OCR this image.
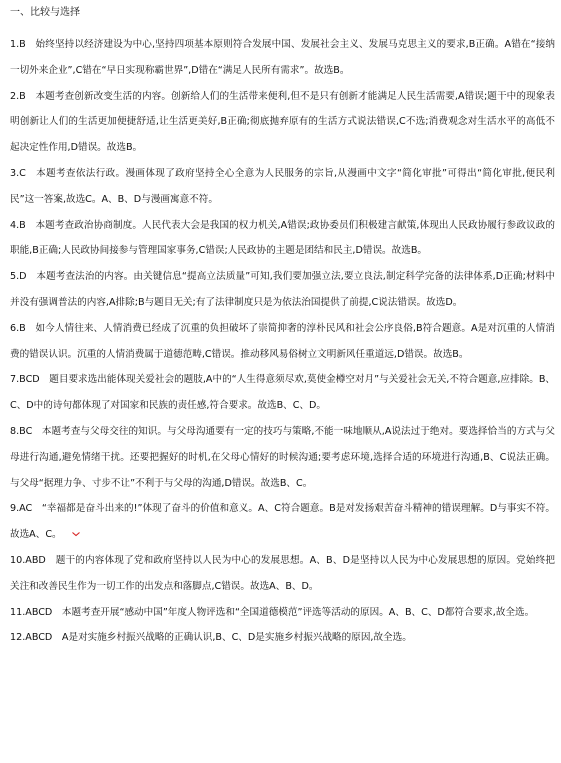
一、比较与选择
1.B　始终坚持以经济建设为中心,坚持四项基本原则符合发展中国、发展社会主义、发展马克思主义的要求,B正确。A错在“接纳一切外来企业”,C错在“早日实现称霸世界”,D错在“满足人民所有需求”。故选B。
2.B　本题考查创新改变生活的内容。创新给人们的生活带来便利,但不是只有创新才能满足人民生活需要,A错误;题干中的现象表明创新让人们的生活更加便捷舒适,让生活更美好,B正确;彻底抛弃原有的生活方式说法错误,C不选;消费观念对生活水平的高低不起决定性作用,D错误。故选B。
3.C　本题考查依法行政。漫画体现了政府坚持全心全意为人民服务的宗旨,从漫画中文字“简化审批”可得出“简化审批,便民利民”这一答案,故选C。A、B、D与漫画寓意不符。
4.B　本题考查政治协商制度。人民代表大会是我国的权力机关,A错误;政协委员们积极建言献策,体现出人民政协履行参政议政的职能,B正确;人民政协间接参与管理国家事务,C错误;人民政协的主题是团结和民主,D错误。故选B。
5.D　本题考查法治的内容。由关键信息“提高立法质量”可知,我们要加强立法,要立良法,制定科学完备的法律体系,D正确;材料中并没有强调普法的内容,A排除;B与题目无关;有了法律制度只是为依法治国提供了前提,C说法错误。故选D。
6.B　如今人情往来、人情消费已经成了沉重的负担破坏了崇简抑奢的淳朴民风和社会公序良俗,B符合题意。A是对沉重的人情消费的错误认识。沉重的人情消费属于道德范畴,C错误。推动移风易俗树立文明新风任重道远,D错误。故选B。
7.BCD　题目要求选出能体现关爱社会的题肢,A中的“人生得意须尽欢,莫使金樽空对月”与关爱社会无关,不符合题意,应排除。B、C、D中的诗句都体现了对国家和民族的责任感,符合要求。故选B、C、D。
8.BC　本题考查与父母交往的知识。与父母沟通要有一定的技巧与策略,不能一味地顺从,A说法过于绝对。要选择恰当的方式与父母进行沟通,避免情绪干扰。还要把握好的时机,在父母心情好的时候沟通;要考虑环境,选择合适的环境进行沟通,B、C说法正确。与父母“据理力争、寸步不让”不利于与父母的沟通,D错误。故选B、C。
9.AC　“幸福都是奋斗出来的!”体现了奋斗的价值和意义。A、C符合题意。B是对发扬艰苦奋斗精神的错误理解。D与事实不符。故选A、C。
10.ABD　题干的内容体现了党和政府坚持以人民为中心的发展思想。A、B、D是坚持以人民为中心发展思想的原因。党始终把关注和改善民生作为一切工作的出发点和落脚点,C错误。故选A、B、D。
11.ABCD　本题考查开展“感动中国”年度人物评选和“全国道德模范”评选等活动的原因。A、B、C、D都符合要求,故全选。
12.ABCD　A是对实施乡村振兴战略的正确认识,B、C、D是实施乡村振兴战略的原因,故全选。
